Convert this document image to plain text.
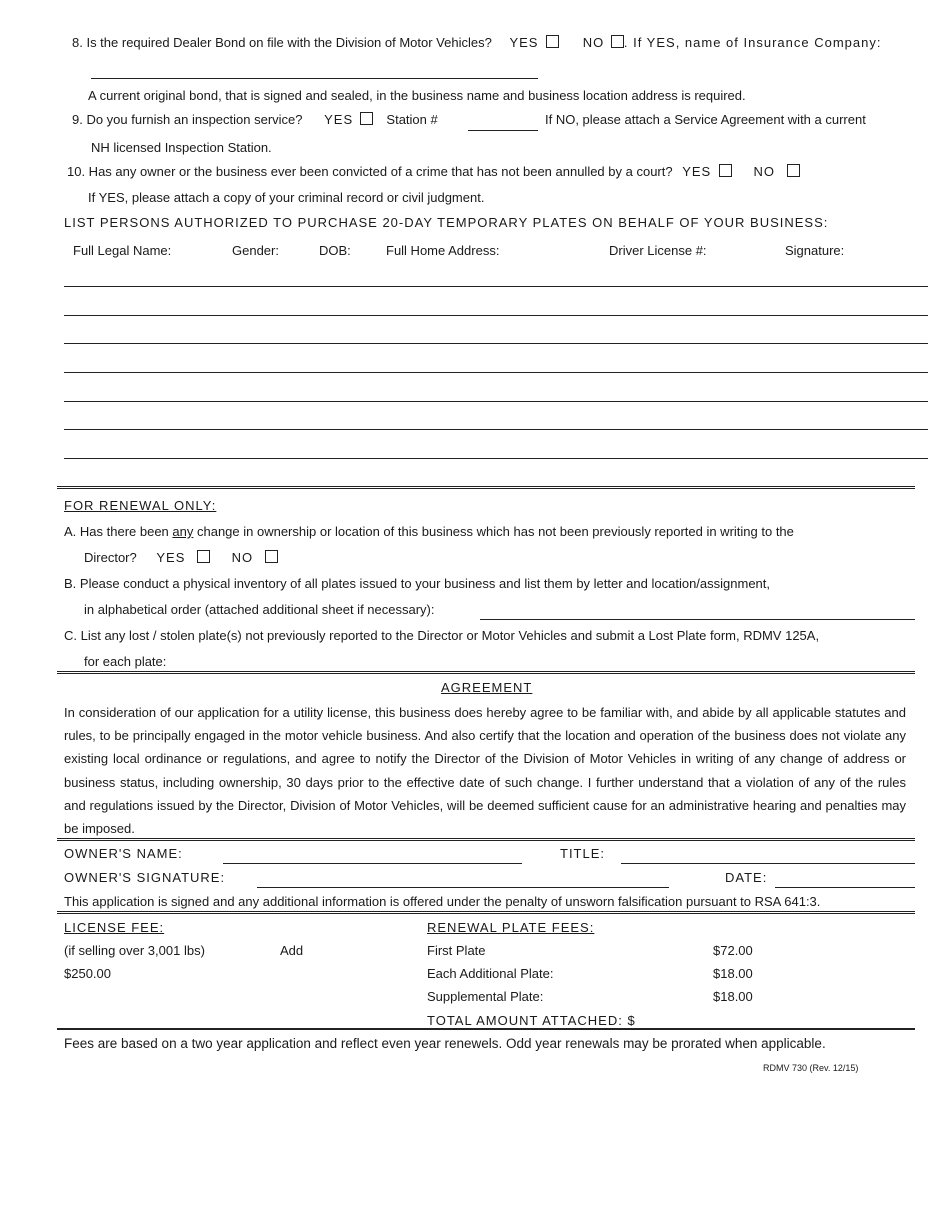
8. Is the required Dealer Bond on file with the Division of Motor Vehicles? YES	NO . If YES, name of Insurance Company:
A current original bond, that is signed and sealed, in the business name and business location address is required.
9. Do you furnish an inspection service? YES	Station #	If NO, please attach a Service Agreement with a current
NH licensed Inspection Station.
10. Has any owner or the business ever been convicted of a crime that has not been annulled by a court? YES	NO
If YES, please attach a copy of your criminal record or civil judgment.
LIST PERSONS AUTHORIZED TO PURCHASE 20-DAY TEMPORARY PLATES ON BEHALF OF YOUR BUSINESS:
Full Legal Name:	Gender:	DOB:	Full Home Address:	Driver License #:	Signature:
FOR RENEWAL ONLY:
A. Has there been any change in ownership or location of this business which has not been previously reported in writing to the
Director? YES	NO
B. Please conduct a physical inventory of all plates issued to your business and list them by letter and location/assignment,
in alphabetical order (attached additional sheet if necessary):
C. List any lost / stolen plate(s) not previously reported to the Director or Motor Vehicles and submit a Lost Plate form, RDMV 125A,
for each plate:
AGREEMENT
In consideration of our application for a utility license, this business does hereby agree to be familiar with, and abide by all applicable statutes and rules, to be principally engaged in the motor vehicle business. And also certify that the location and operation of the business does not violate any existing local ordinance or regulations, and agree to notify the Director of the Division of Motor Vehicles in writing of any change of address or business status, including ownership, 30 days prior to the effective date of such change. I further understand that a violation of any of the rules and regulations issued by the Director, Division of Motor Vehicles, will be deemed sufficient cause for an administrative hearing and penalties may be imposed.
OWNER'S NAME:	TITLE:
OWNER'S SIGNATURE:	DATE:
This application is signed and any additional information is offered under the penalty of unsworn falsification pursuant to RSA 641:3.
LICENSE FEE:
(if selling over 3,001 lbs)	Add
$250.00
RENEWAL PLATE FEES:
First Plate	$72.00
Each Additional Plate:	$18.00
Supplemental Plate:	$18.00
TOTAL AMOUNT ATTACHED: $
Fees are based on a two year application and reflect even year renewels. Odd year renewals may be prorated when applicable.
RDMV 730 (Rev. 12/15)
